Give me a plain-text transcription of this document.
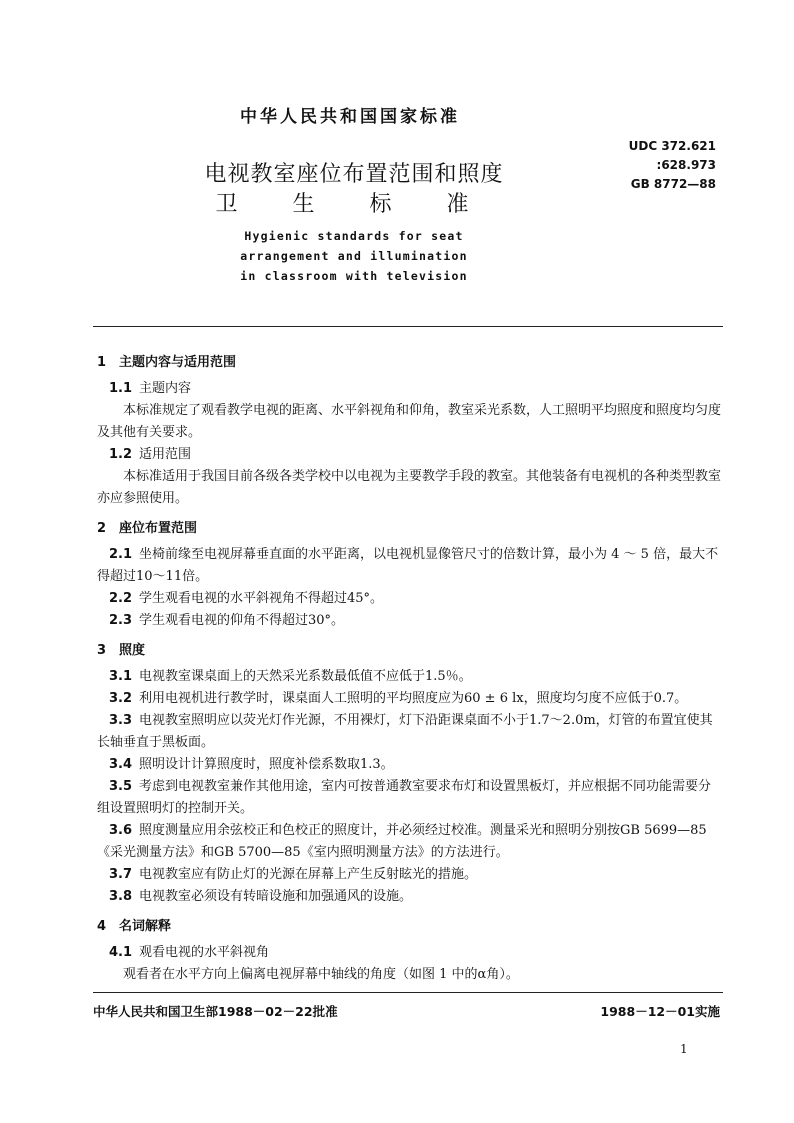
中华人民共和国国家标准
UDC 372.621
:628.973
GB 8772—88
电视教室座位布置范围和照度
卫 生 标 准
Hygienic standards for seat
arrangement and illumination
in classroom with television
1 主题内容与适用范围

1.1 主题内容

本标准规定了观看教学电视的距离、水平斜视角和仰角，教室采光系数，人工照明平均照度和照度均匀度及其他有关要求。

1.2 适用范围

本标准适用于我国目前各级各类学校中以电视为主要教学手段的教室。其他装备有电视机的各种类型教室亦应参照使用。

2 座位布置范围

2.1 坐椅前缘至电视屏幕垂直面的水平距离，以电视机显像管尺寸的倍数计算，最小为 4 ～ 5 倍，最大不得超过10～11倍。

2.2 学生观看电视的水平斜视角不得超过45°。

2.3 学生观看电视的仰角不得超过30°。

3 照度

3.1 电视教室课桌面上的天然采光系数最低值不应低于1.5％。

3.2 利用电视机进行教学时，课桌面人工照明的平均照度应为60 ± 6 lx，照度均匀度不应低于0.7。

3.3 电视教室照明应以荧光灯作光源，不用裸灯，灯下沿距课桌面不小于1.7～2.0m，灯管的布置宜使其长轴垂直于黑板面。

3.4 照明设计计算照度时，照度补偿系数取1.3。

3.5 考虑到电视教室兼作其他用途，室内可按普通教室要求布灯和设置黑板灯，并应根据不同功能需要分组设置照明灯的控制开关。

3.6 照度测量应用余弦校正和色校正的照度计，并必须经过校准。测量采光和照明分别按GB 5699—85《采光测量方法》和GB 5700—85《室内照明测量方法》的方法进行。

3.7 电视教室应有防止灯的光源在屏幕上产生反射眩光的措施。

3.8 电视教室必须设有转暗设施和加强通风的设施。

4 名词解释

4.1 观看电视的水平斜视角

观看者在水平方向上偏离电视屏幕中轴线的角度（如图 1 中的α角）。

中华人民共和国卫生部1988－02－22批准	1988－12－01实施
1
